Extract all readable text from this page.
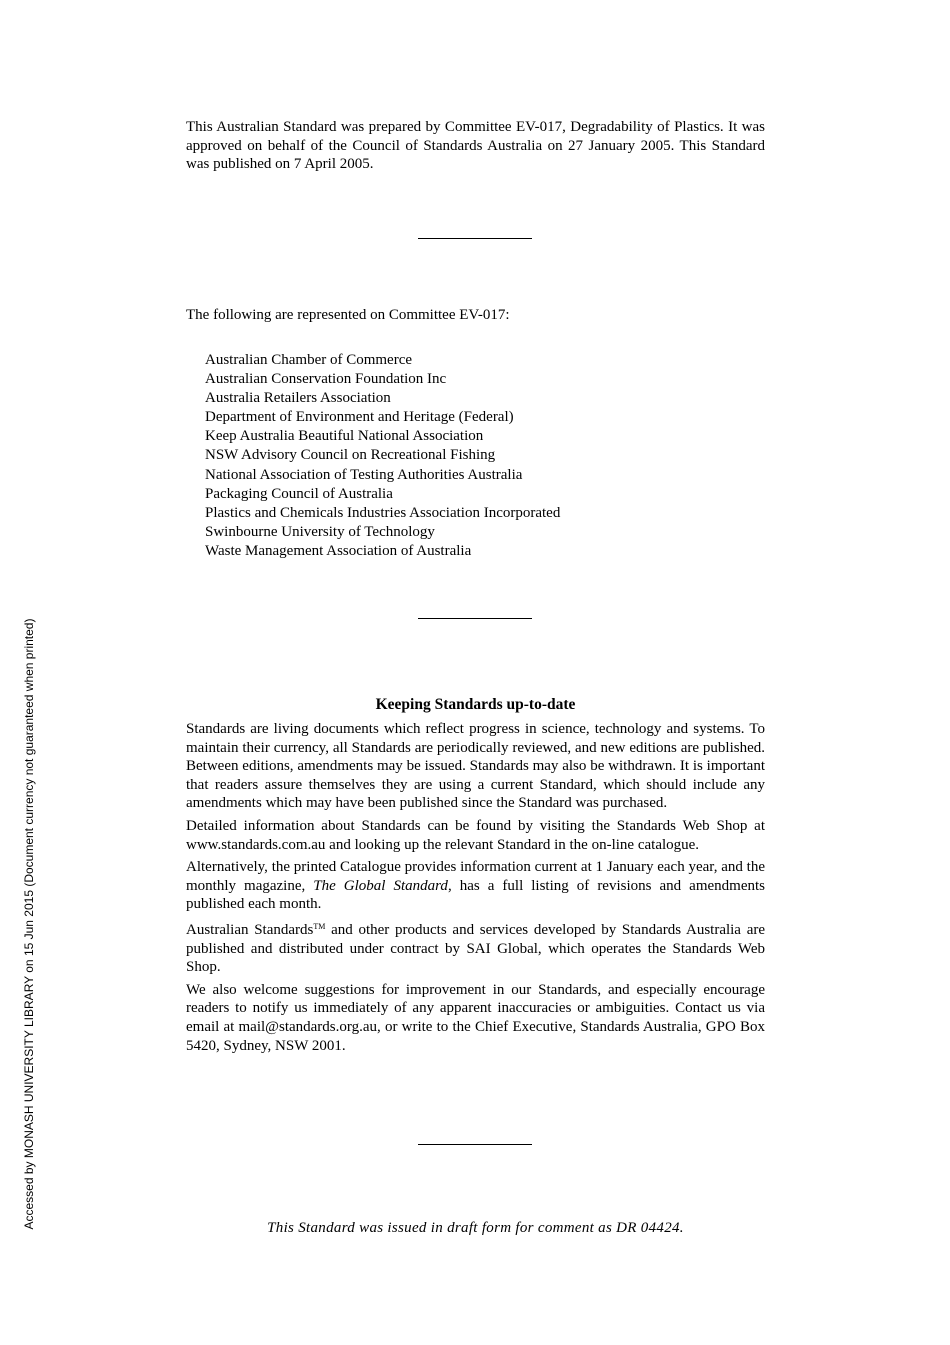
Accessed by MONASH UNIVERSITY LIBRARY on 15 Jun 2015 (Document currency not guaranteed when printed)

This Australian Standard was prepared by Committee EV-017, Degradability of Plastics. It was approved on behalf of the Council of Standards Australia on 27 January 2005. This Standard was published on 7 April 2005.

The following are represented on Committee EV-017:

Australian Chamber of Commerce
Australian Conservation Foundation Inc
Australia Retailers Association
Department of Environment and Heritage (Federal)
Keep Australia Beautiful National Association
NSW Advisory Council on Recreational Fishing
National Association of Testing Authorities Australia
Packaging Council of Australia
Plastics and Chemicals Industries Association Incorporated
Swinbourne University of Technology
Waste Management Association of Australia
Keeping Standards up-to-date

Standards are living documents which reflect progress in science, technology and systems. To maintain their currency, all Standards are periodically reviewed, and new editions are published. Between editions, amendments may be issued. Standards may also be withdrawn. It is important that readers assure themselves they are using a current Standard, which should include any amendments which may have been published since the Standard was purchased.

Detailed information about Standards can be found by visiting the Standards Web Shop at www.standards.com.au and looking up the relevant Standard in the on-line catalogue.

Alternatively, the printed Catalogue provides information current at 1 January each year, and the monthly magazine, The Global Standard, has a full listing of revisions and amendments published each month.

Australian Standards™ and other products and services developed by Standards Australia are published and distributed under contract by SAI Global, which operates the Standards Web Shop.

We also welcome suggestions for improvement in our Standards, and especially encourage readers to notify us immediately of any apparent inaccuracies or ambiguities. Contact us via email at mail@standards.org.au, or write to the Chief Executive, Standards Australia, GPO Box 5420, Sydney, NSW 2001.

This Standard was issued in draft form for comment as DR 04424.
